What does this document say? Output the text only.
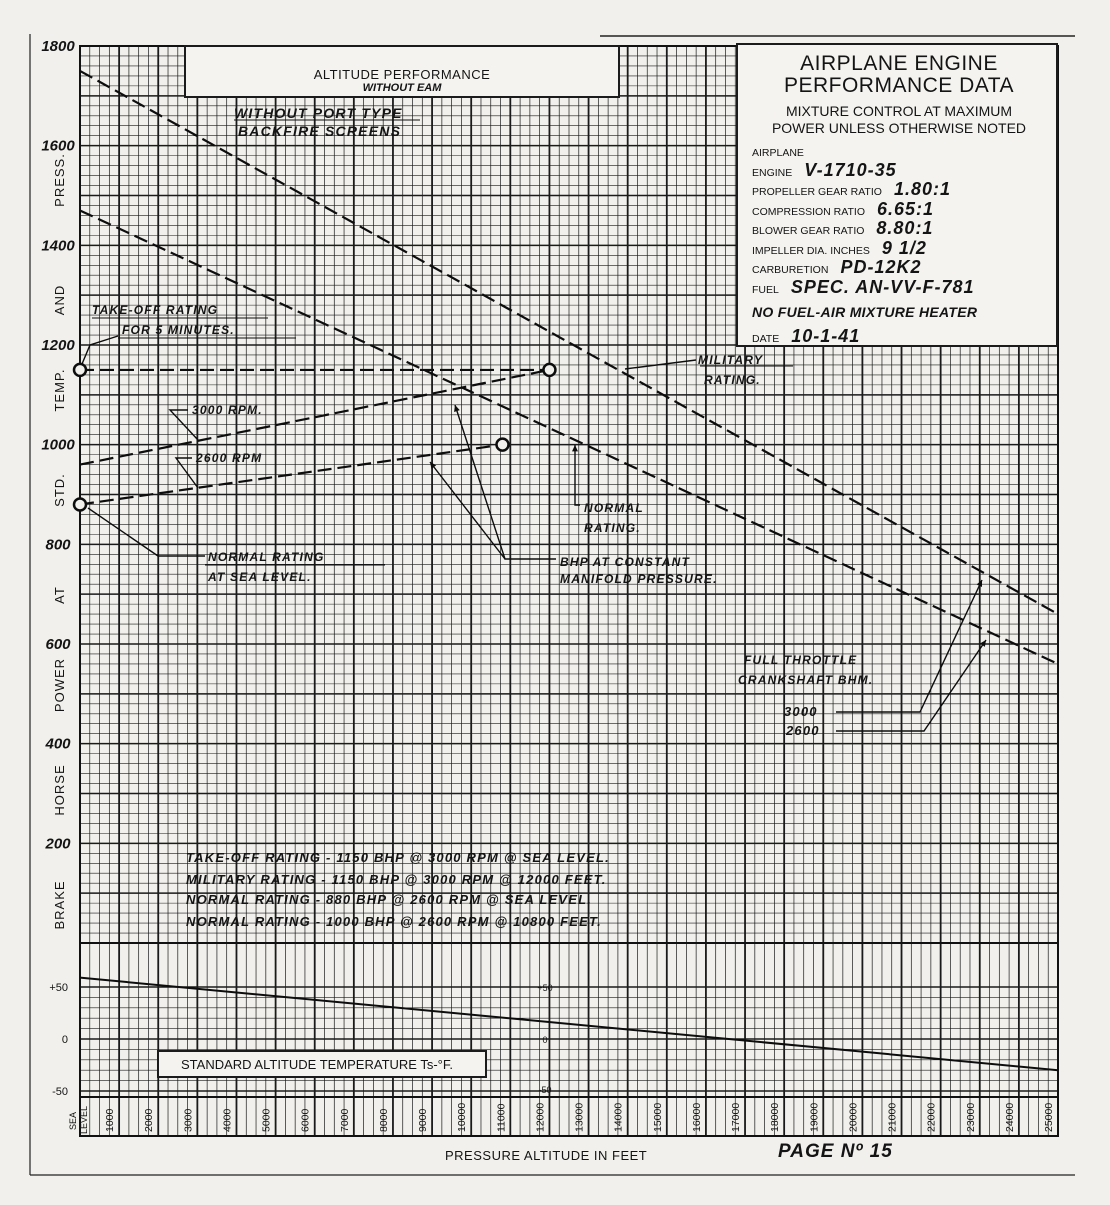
1800
1600
1400
1200
1000
800
600
400
200
BRAKE
HORSE
POWER
AT
STD.
TEMP.
AND
PRESS.
SEA LEVEL 1000	2000	3000	4000	5000	6000	7000	8000	9000	10000	11000	12000	13000	14000	15000	16000	17000	18000	19000	20000	21000	22000	23000	24000	25000
+50
0
-50
+50
0
-50
WITHOUT PORT TYPE
BACKFIRE SCREENS
TAKE-OFF RATING
FOR 5 MINUTES.
MILITARY
RATING.
NORMAL
RATING.
NORMAL RATING
AT SEA LEVEL.
BHP AT CONSTANT
MANIFOLD PRESSURE.
FULL THROTTLE
CRANKSHAFT BHM.
3000
2600
3000 RPM.
2600 RPM
TAKE-OFF RATING - 1150 BHP @ 3000 RPM @ SEA LEVEL.
MILITARY RATING - 1150 BHP @ 3000 RPM @ 12000 FEET.
NORMAL RATING - 880 BHP @ 2600 RPM @ SEA LEVEL.
NORMAL RATING - 1000 BHP @ 2600 RPM @ 10800 FEET.
ALTITUDE PERFORMANCE
WITHOUT EAM
AIRPLANE ENGINE
PERFORMANCE DATA
MIXTURE CONTROL AT MAXIMUM
POWER UNLESS OTHERWISE NOTED
AIRPLANE
ENGINE V-1710-35
PROPELLER GEAR RATIO 1.80:1
COMPRESSION RATIO 6.65:1
BLOWER GEAR RATIO 8.80:1
IMPELLER DIA. INCHES 9 1/2
CARBURETION PD-12K2
FUEL SPEC. AN-VV-F-781
NO FUEL-AIR MIXTURE HEATER
DATE 10-1-41
STANDARD ALTITUDE TEMPERATURE Ts-°F.
PRESSURE ALTITUDE IN FEET	PAGE Nº 15
